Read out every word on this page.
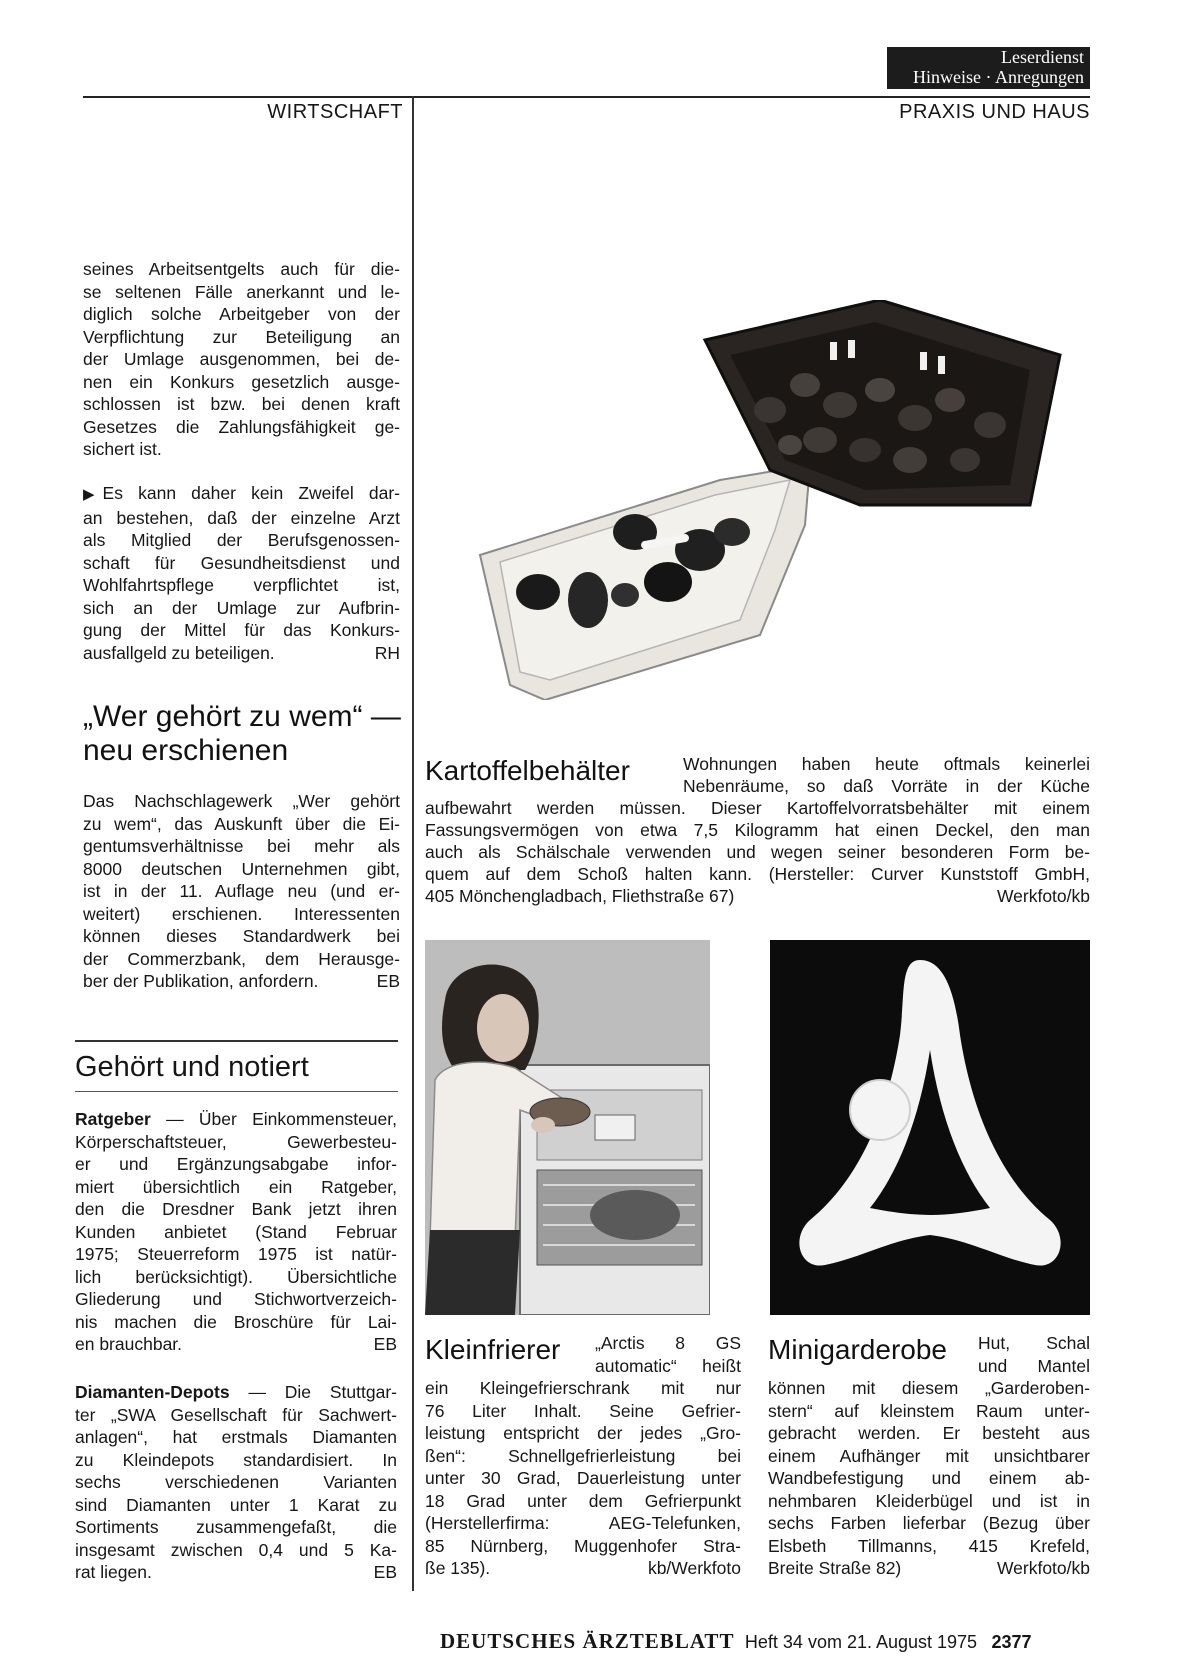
Leserdienst
Hinweise · Anregungen
WIRTSCHAFT	PRAXIS UND HAUS
seines Arbeitsentgelts auch für die-
se seltenen Fälle anerkannt und le-
diglich solche Arbeitgeber von der
Verpflichtung zur Beteiligung an
der Umlage ausgenommen, bei de-
nen ein Konkurs gesetzlich ausge-
schlossen ist bzw. bei denen kraft
Gesetzes die Zahlungsfähigkeit ge-
sichert ist.
▶ Es kann daher kein Zweifel dar-
an bestehen, daß der einzelne Arzt
als Mitglied der Berufsgenossen-
schaft für Gesundheitsdienst und
Wohlfahrtspflege verpflichtet ist,
sich an der Umlage zur Aufbrin-
gung der Mittel für das Konkurs-
ausfallgeld zu beteiligen.	RH
„Wer gehört zu wem“ —
neu erschienen
Das Nachschlagewerk „Wer gehört
zu wem“, das Auskunft über die Ei-
gentumsverhältnisse bei mehr als
8000 deutschen Unternehmen gibt,
ist in der 11. Auflage neu (und er-
weitert) erschienen. Interessenten
können dieses Standardwerk bei
der Commerzbank, dem Herausge-
ber der Publikation, anfordern.	EB
Gehört und notiert
Ratgeber — Über Einkommensteuer,
Körperschaftsteuer, Gewerbesteu-
er und Ergänzungsabgabe infor-
miert übersichtlich ein Ratgeber,
den die Dresdner Bank jetzt ihren
Kunden anbietet (Stand Februar
1975; Steuerreform 1975 ist natür-
lich berücksichtigt). Übersichtliche
Gliederung und Stichwortverzeich-
nis machen die Broschüre für Lai-
en brauchbar.	EB
Diamanten-Depots — Die Stuttgar-
ter „SWA Gesellschaft für Sachwert-
anlagen“, hat erstmals Diamanten
zu Kleindepots standardisiert. In
sechs verschiedenen Varianten
sind Diamanten unter 1 Karat zu
Sortiments zusammengefaßt, die
insgesamt zwischen 0,4 und 5 Ka-
rat liegen.	EB
Kartoffelbehälter	Wohnungen haben heute oftmals keinerlei
Nebenräume, so daß Vorräte in der Küche
aufbewahrt werden müssen. Dieser Kartoffelvorratsbehälter mit einem
Fassungsvermögen von etwa 7,5 Kilogramm hat einen Deckel, den man
auch als Schälschale verwenden und wegen seiner besonderen Form be-
quem auf dem Schoß halten kann. (Hersteller: Curver Kunststoff GmbH,
405 Mönchengladbach, Fliethstraße 67)	Werkfoto/kb
Kleinfrierer „Arctis 8 GS
automatic“ heißt
ein Kleingefrierschrank mit nur
76 Liter Inhalt. Seine Gefrier-
leistung entspricht der jedes „Gro-
ßen“: Schnellgefrierleistung bei
unter 30 Grad, Dauerleistung unter
18 Grad unter dem Gefrierpunkt
(Herstellerfirma: AEG-Telefunken,
85 Nürnberg, Muggenhofer Stra-
ße 135).	kb/Werkfoto
Minigarderobe Hut, Schal
und Mantel
können mit diesem „Garderoben-
stern“ auf kleinstem Raum unter-
gebracht werden. Er besteht aus
einem Aufhänger mit unsichtbarer
Wandbefestigung und einem ab-
nehmbaren Kleiderbügel und ist in
sechs Farben lieferbar (Bezug über
Elsbeth Tillmanns, 415 Krefeld,
Breite Straße 82)	Werkfoto/kb
DEUTSCHES ÄRZTEBLATT Heft 34 vom 21. August 1975 2377
